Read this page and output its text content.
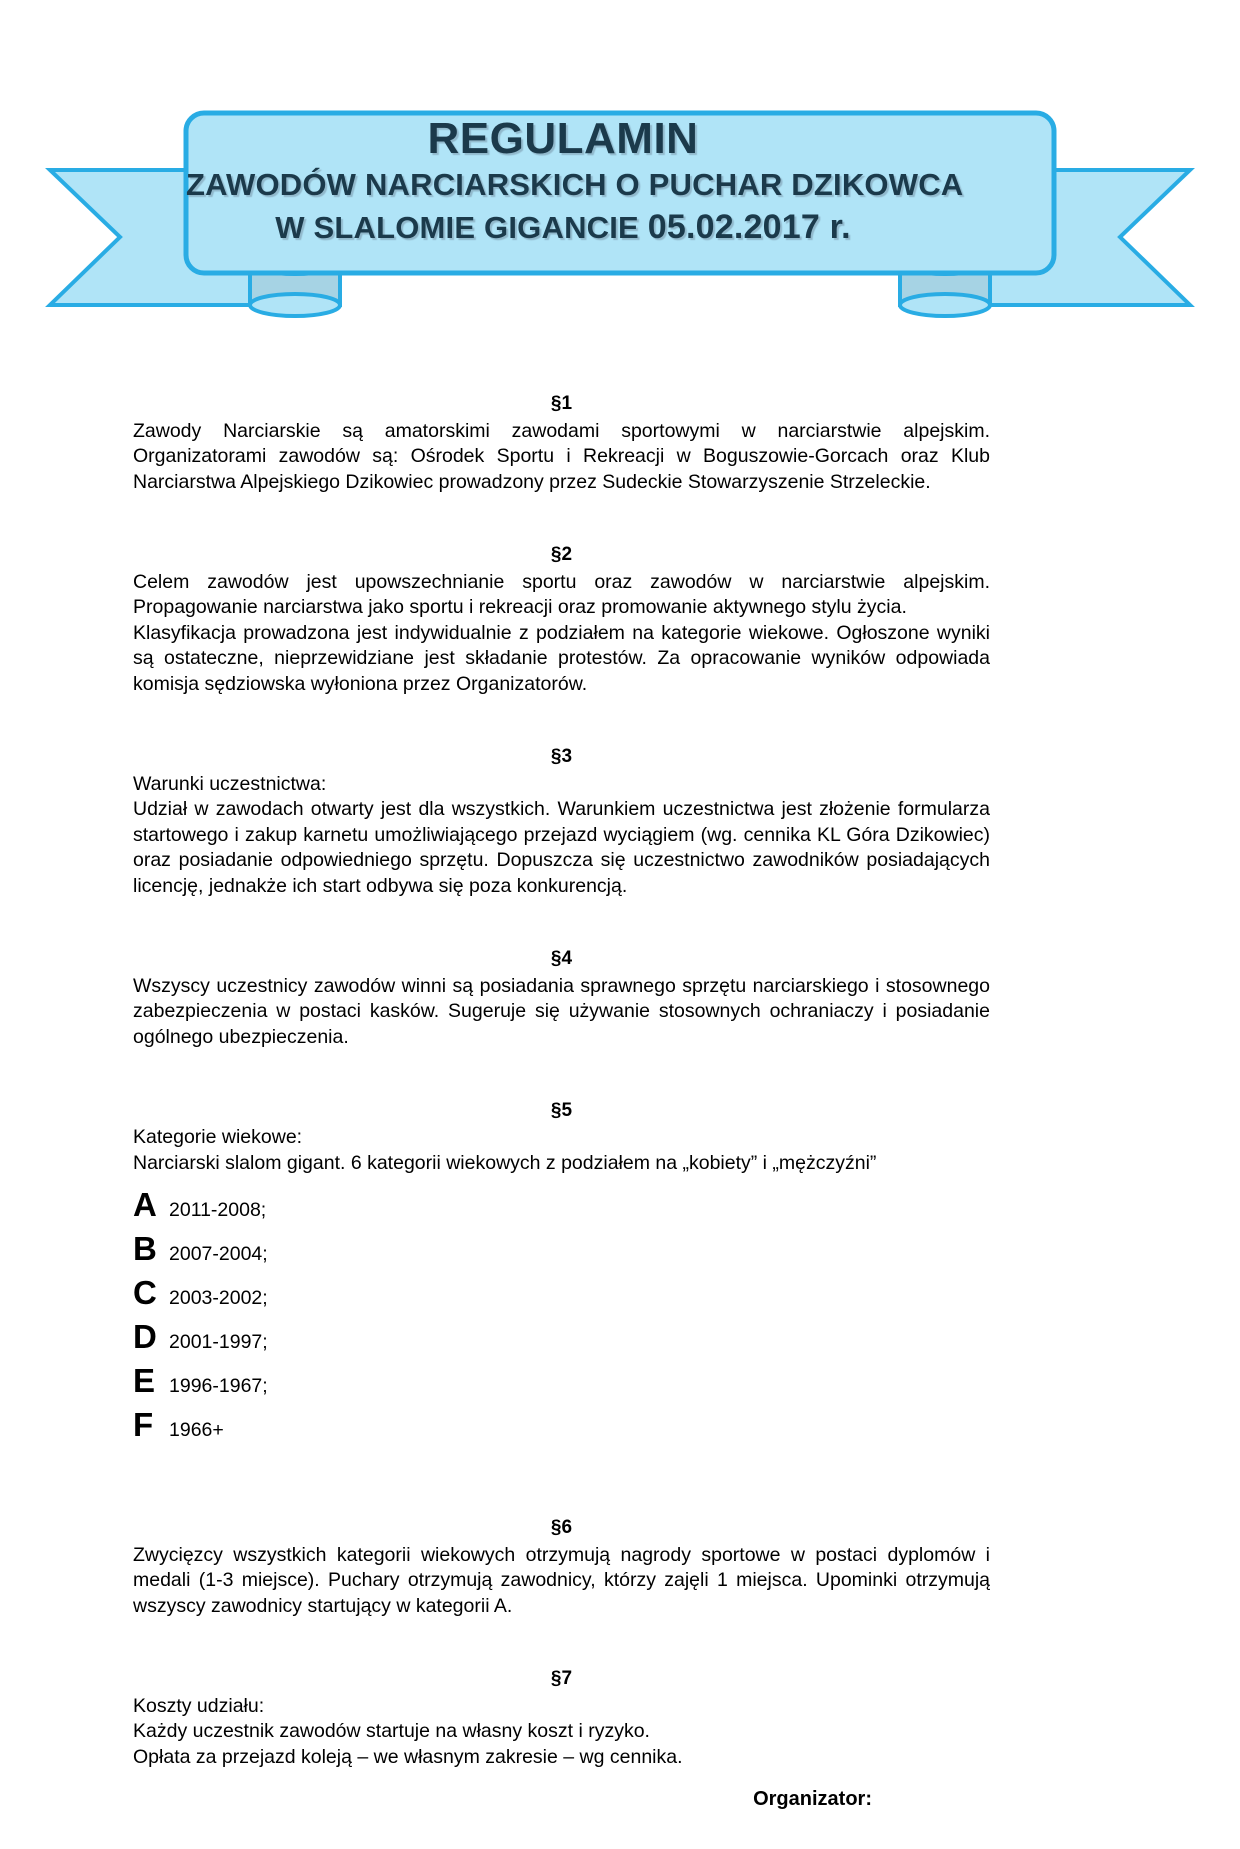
REGULAMIN
ZAWODÓW NARCIARSKICH O PUCHAR DZIKOWCA
W SLALOMIE GIGANCIE 05.02.2017 r.
§1

Zawody Narciarskie są amatorskimi zawodami sportowymi w narciarstwie alpejskim. Organizatorami zawodów są: Ośrodek Sportu i Rekreacji w Boguszowie-Gorcach oraz Klub Narciarstwa Alpejskiego Dzikowiec prowadzony przez Sudeckie Stowarzyszenie Strzeleckie.

§2

Celem zawodów jest upowszechnianie sportu oraz zawodów w narciarstwie alpejskim. Propagowanie narciarstwa jako sportu i rekreacji oraz promowanie aktywnego stylu życia.

Klasyfikacja prowadzona jest indywidualnie z podziałem na kategorie wiekowe. Ogłoszone wyniki są ostateczne, nieprzewidziane jest składanie protestów. Za opracowanie wyników odpowiada komisja sędziowska wyłoniona przez Organizatorów.

§3

Warunki uczestnictwa:

Udział w zawodach otwarty jest dla wszystkich. Warunkiem uczestnictwa jest złożenie formularza startowego i zakup karnetu umożliwiającego przejazd wyciągiem (wg. cennika KL Góra Dzikowiec) oraz posiadanie odpowiedniego sprzętu. Dopuszcza się uczestnictwo zawodników posiadających licencję, jednakże ich start odbywa się poza konkurencją.

§4

Wszyscy uczestnicy zawodów winni są posiadania sprawnego sprzętu narciarskiego i stosownego zabezpieczenia w postaci kasków. Sugeruje się używanie stosownych ochraniaczy i posiadanie ogólnego ubezpieczenia.

§5

Kategorie wiekowe:

Narciarski slalom gigant. 6 kategorii wiekowych z podziałem na „kobiety” i „mężczyźni”

A 2011-2008;
B 2007-2004;
C 2003-2002;
D 2001-1997;
E 1996-1967;
F 1966+
§6

Zwycięzcy wszystkich kategorii wiekowych otrzymują nagrody sportowe w postaci dyplomów i medali (1-3 miejsce). Puchary otrzymują zawodnicy, którzy zajęli 1 miejsca. Upominki otrzymują wszyscy zawodnicy startujący w kategorii A.

§7

Koszty udziału:

Każdy uczestnik zawodów startuje na własny koszt i ryzyko.

Opłata za przejazd koleją – we własnym zakresie – wg cennika.

Organizator:
